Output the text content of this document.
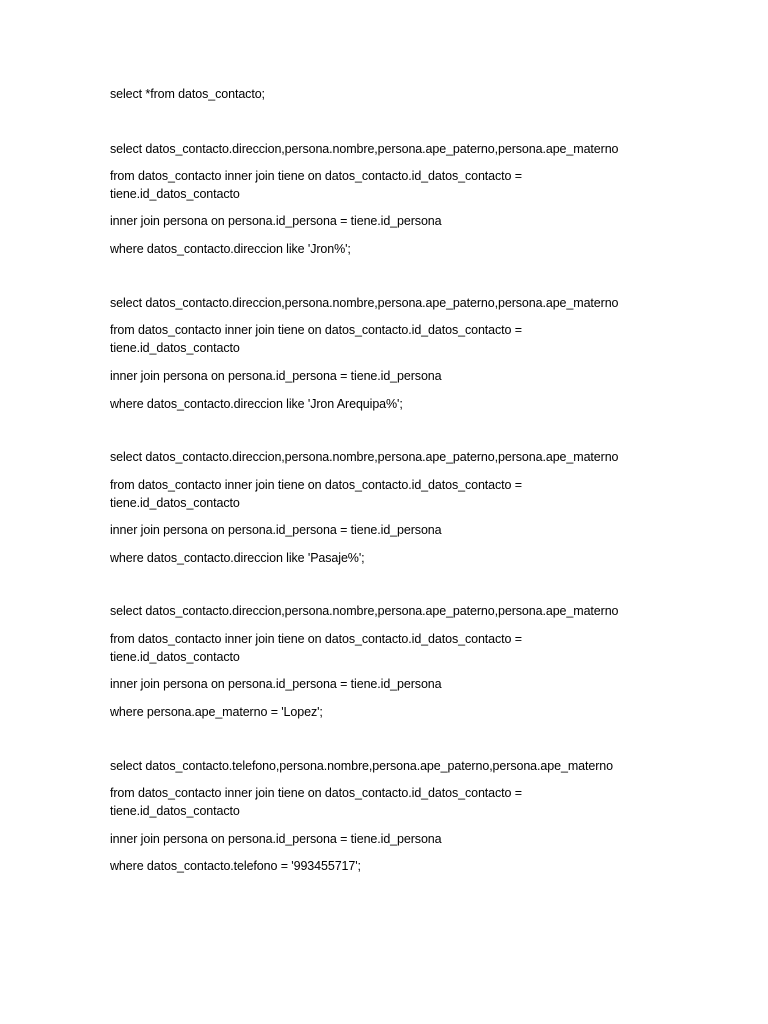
select *from datos_contacto;
select datos_contacto.direccion,persona.nombre,persona.ape_paterno,persona.ape_materno
from datos_contacto inner join tiene on datos_contacto.id_datos_contacto =
tiene.id_datos_contacto
inner join persona on persona.id_persona = tiene.id_persona
where datos_contacto.direccion like 'Jron%';
select datos_contacto.direccion,persona.nombre,persona.ape_paterno,persona.ape_materno
from datos_contacto inner join tiene on datos_contacto.id_datos_contacto =
tiene.id_datos_contacto
inner join persona on persona.id_persona = tiene.id_persona
where datos_contacto.direccion like 'Jron Arequipa%';
select datos_contacto.direccion,persona.nombre,persona.ape_paterno,persona.ape_materno
from datos_contacto inner join tiene on datos_contacto.id_datos_contacto =
tiene.id_datos_contacto
inner join persona on persona.id_persona = tiene.id_persona
where datos_contacto.direccion like 'Pasaje%';
select datos_contacto.direccion,persona.nombre,persona.ape_paterno,persona.ape_materno
from datos_contacto inner join tiene on datos_contacto.id_datos_contacto =
tiene.id_datos_contacto
inner join persona on persona.id_persona = tiene.id_persona
where persona.ape_materno = 'Lopez';
select datos_contacto.telefono,persona.nombre,persona.ape_paterno,persona.ape_materno
from datos_contacto inner join tiene on datos_contacto.id_datos_contacto =
tiene.id_datos_contacto
inner join persona on persona.id_persona = tiene.id_persona
where datos_contacto.telefono = '993455717';
